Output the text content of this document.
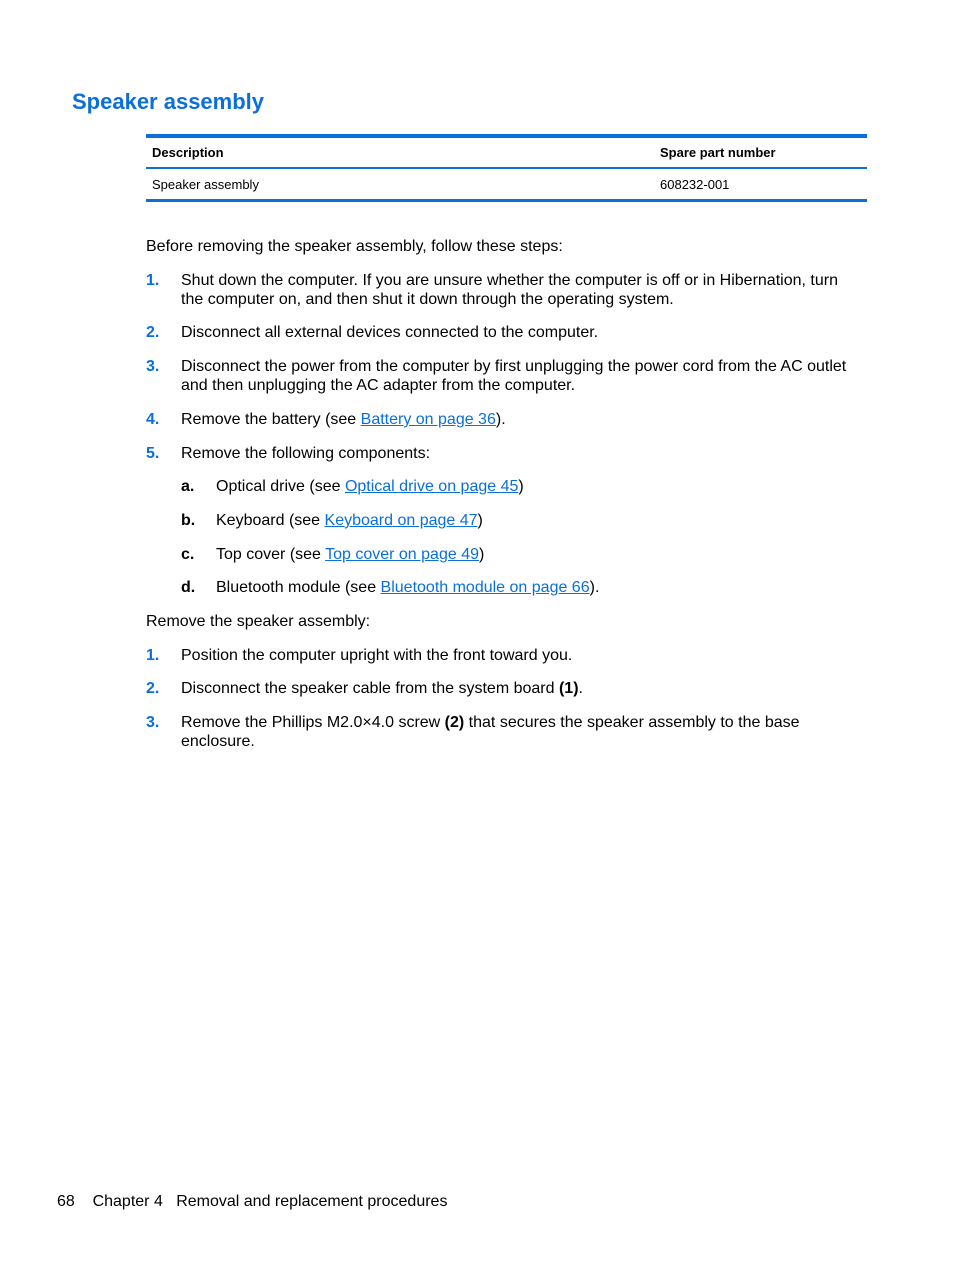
Speaker assembly
Description	Spare part number
Speaker assembly	608232-001

Before removing the speaker assembly, follow these steps:

1. Shut down the computer. If you are unsure whether the computer is off or in Hibernation, turn the computer on, and then shut it down through the operating system.
2. Disconnect all external devices connected to the computer.
3. Disconnect the power from the computer by first unplugging the power cord from the AC outlet and then unplugging the AC adapter from the computer.
4. Remove the battery (see Battery on page 36).
5. Remove the following components:
a. Optical drive (see Optical drive on page 45)
b. Keyboard (see Keyboard on page 47)
c. Top cover (see Top cover on page 49)
d. Bluetooth module (see Bluetooth module on page 66).

Remove the speaker assembly:

1. Position the computer upright with the front toward you.
2. Disconnect the speaker cable from the system board (1).
3. Remove the Phillips M2.0×4.0 screw (2) that secures the speaker assembly to the base enclosure.
68 Chapter 4 Removal and replacement procedures
